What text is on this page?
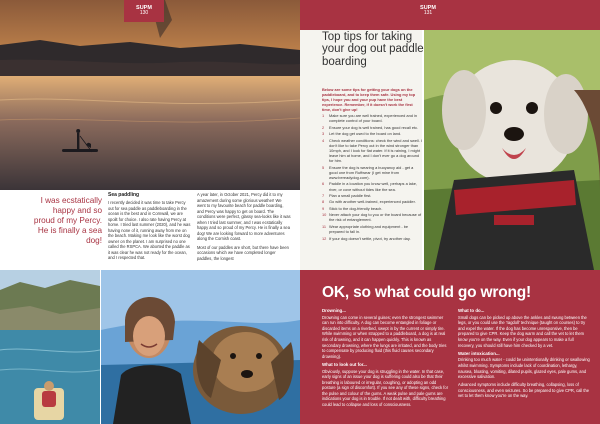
SUPM
130
I was ecstatically happy and so proud of my Percy. He is finally a sea dog!
Sea paddling

I recently decided it was time to take Percy out for sea paddle as paddleboarding in the ocean is the best and in Cornwall, we are spoilt for choice. I also rate having Percy at home. I tried last summer (2020), and he was having none of it, running away from me on the beach. Making me look like the worst dog owner on the planet. I am surprised no one called the RSPCA. We aborted the paddle as it was clear he was not ready for the ocean, and I respected that.

A year later, in October 2021, Percy did it to my amazement during some glorious weather! We went to my favourite beach for paddle boarding, and Percy was happy to get on board. The conditions were perfect, glassy sea-looks like it was when I tried last summer, and I was ecstatically happy and so proud of my Percy. He is finally a sea dog! We are looking forward to more adventures along the Cornish coast.

Most of our paddles are short, but there have been occasions which we have completed longer paddles, the longest

SUPM
131
Top tips for taking your dog out paddle boarding
Below are some tips for getting your dogs on the paddleboard, and to keep them safe. Using my top tips, I hope you and your pup have the best experience. Remember, if it doesn't work the first time, don't give up!
1	Make sure you are well trained, experienced and in complete control of your board.
2	Ensure your dog is well trained, has good recall etc.
3	Let the dog get used to the board on land.
4	Check weather conditions: check the wind and swell. I don't like to take Percy out in the wind stronger than 10mph, and I look for flat water. If it is raining, I might leave him at home, and I don't ever go a dog around for him.
5	Ensure the dog is wearing a buoyancy aid - get a good one from Ruffwear (I get mine from www.bereadydog.com).
6	Paddle in a location you know well, perhaps a lake, river, or cove without tides like the sea.
7	Plan a small paddle first.
8	Go with another well-trained, experienced paddler.
9	Stick to the dog-friendly beach.
10 Never attach your dog to you or the board because of the risk of entanglement.
11 Wear appropriate clothing and equipment - be prepared to fall in.
12 If your dog doesn't settle, pivot, try another day.
OK, so what could go wrong!
Drowning...

Drowning can come in several guises; even the strongest swimmer can run into difficulty. A dog can become entangled in foliage or discarded items on a riverbed, swept in by the current or simply tire. While swimming or when strapped to a paddleboard, a dog is at real risk of drowning, and it can happen quickly. This is known as secondary drowning, where the lungs are irritated, and the body tries to compensate by producing fluid (this fluid causes secondary drowning).

What to look out for...

Obviously, suppose your dog is struggling in the water. In that case, early signs of an issue your dog is suffering could also be that their breathing is laboured or irregular, coughing, or adopting an odd posture (a sign of discomfort). If you see any of these signs, check for the pulse and colour of the gums. A weak pulse and pale gums are indications your dog is in trouble. If not dealt with, difficulty breathing could lead to collapse and loss of consciousness.

What to do...

Small dogs can be picked up above the ankles and swung between the legs, or you could use the 'ragdoll' technique (taught on courses) to try and expel the water. If the dog has become unresponsive, then be prepared to give CPR. Keep the dog warm and call the vet to let them know you're on the way. Even if your dog appears to make a full recovery, you should still have him checked by a vet.

Water intoxication...

Drinking too much water - could be unintentionally drinking or swallowing whilst swimming. Symptoms include lack of coordination, lethargy, nausea, bloating, vomiting, dilated pupils, glazed eyes, pale gums, and excessive salivation.

Advanced symptoms include difficulty breathing, collapsing, loss of consciousness, and even seizures. So be prepared to give CPR, call the vet to let them know you're on the way.
